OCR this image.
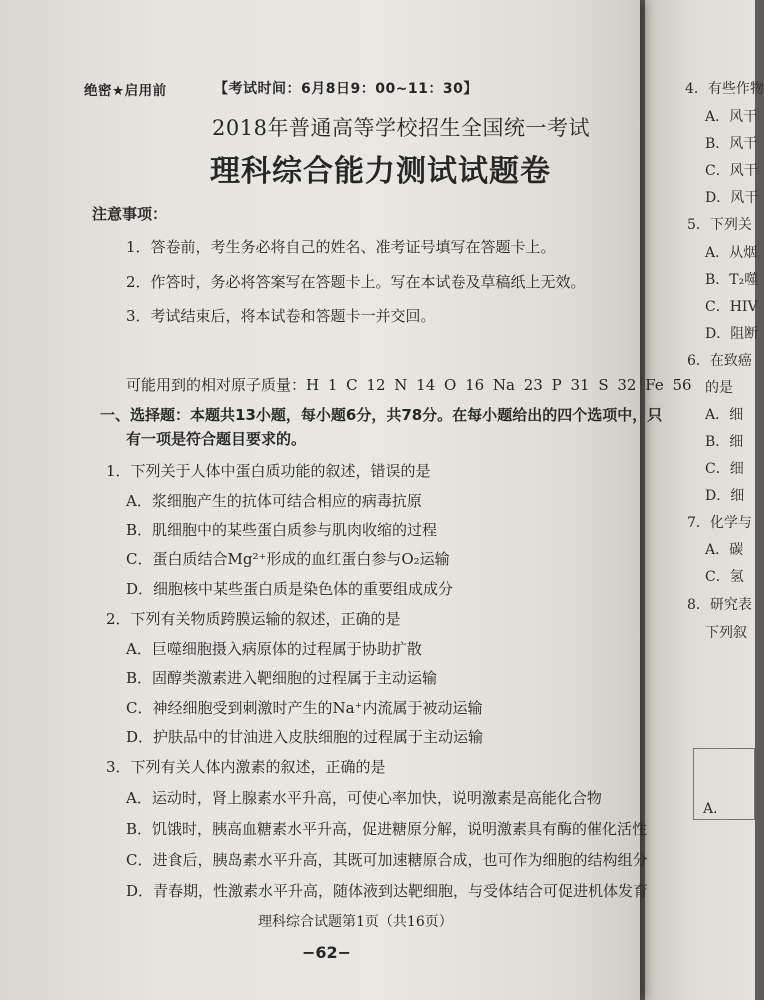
4．有些作物
A．风干
B．风干
C．风干
D．风干
5．下列关
A．从烟
B．T₂噬
C．HIV
D．阻断
6．在致癌
的是
A．细
B．细
C．细
D．细
7．化学与
A．碳
C．氢
8．研究表
下列叙
A．
绝密★启用前	【考试时间：6月8日9：00~11：30】
2018年普通高等学校招生全国统一考试
理科综合能力测试试题卷
注意事项：
1．答卷前，考生务必将自己的姓名、准考证号填写在答题卡上。
2．作答时，务必将答案写在答题卡上。写在本试卷及草稿纸上无效。
3．考试结束后，将本试卷和答题卡一并交回。
可能用到的相对原子质量：H 1 C 12 N 14 O 16 Na 23 P 31 S 32 Fe 56
一、选择题：本题共13小题，每小题6分，共78分。在每小题给出的四个选项中，只
有一项是符合题目要求的。
1．下列关于人体中蛋白质功能的叙述，错误的是
A．浆细胞产生的抗体可结合相应的病毒抗原
B．肌细胞中的某些蛋白质参与肌肉收缩的过程
C．蛋白质结合Mg²⁺形成的血红蛋白参与O₂运输
D．细胞核中某些蛋白质是染色体的重要组成成分
2．下列有关物质跨膜运输的叙述，正确的是
A．巨噬细胞摄入病原体的过程属于协助扩散
B．固醇类激素进入靶细胞的过程属于主动运输
C．神经细胞受到刺激时产生的Na⁺内流属于被动运输
D．护肤品中的甘油进入皮肤细胞的过程属于主动运输
3．下列有关人体内激素的叙述，正确的是
A．运动时，肾上腺素水平升高，可使心率加快，说明激素是高能化合物
B．饥饿时，胰高血糖素水平升高，促进糖原分解，说明激素具有酶的催化活性
C．进食后，胰岛素水平升高，其既可加速糖原合成，也可作为细胞的结构组分
D．青春期，性激素水平升高，随体液到达靶细胞，与受体结合可促进机体发育
理科综合试题第1页（共16页）
−62−
